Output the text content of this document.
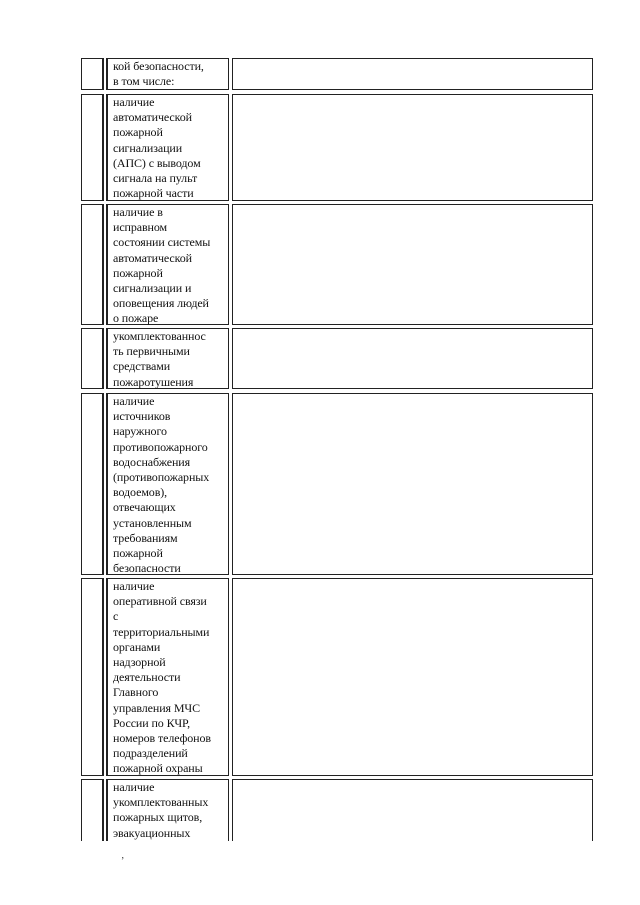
кой безопасности,
в том числе:
наличие
автоматической
пожарной
сигнализации
(АПС) с выводом
сигнала на пульт
пожарной части
наличие в
исправном
состоянии системы
автоматической
пожарной
сигнализации и
оповещения людей
о пожаре
укомплектованнос
ть первичными
средствами
пожаротушения
наличие
источников
наружного
противопожарного
водоснабжения
(противопожарных
водоемов),
отвечающих
установленным
требованиям
пожарной
безопасности
наличие
оперативной связи
с
территориальными
органами
надзорной
деятельности
Главного
управления МЧС
России по КЧР,
номеров телефонов
подразделений
пожарной охраны
наличие
укомплектованных
пожарных щитов,
эвакуационных
ʼ
